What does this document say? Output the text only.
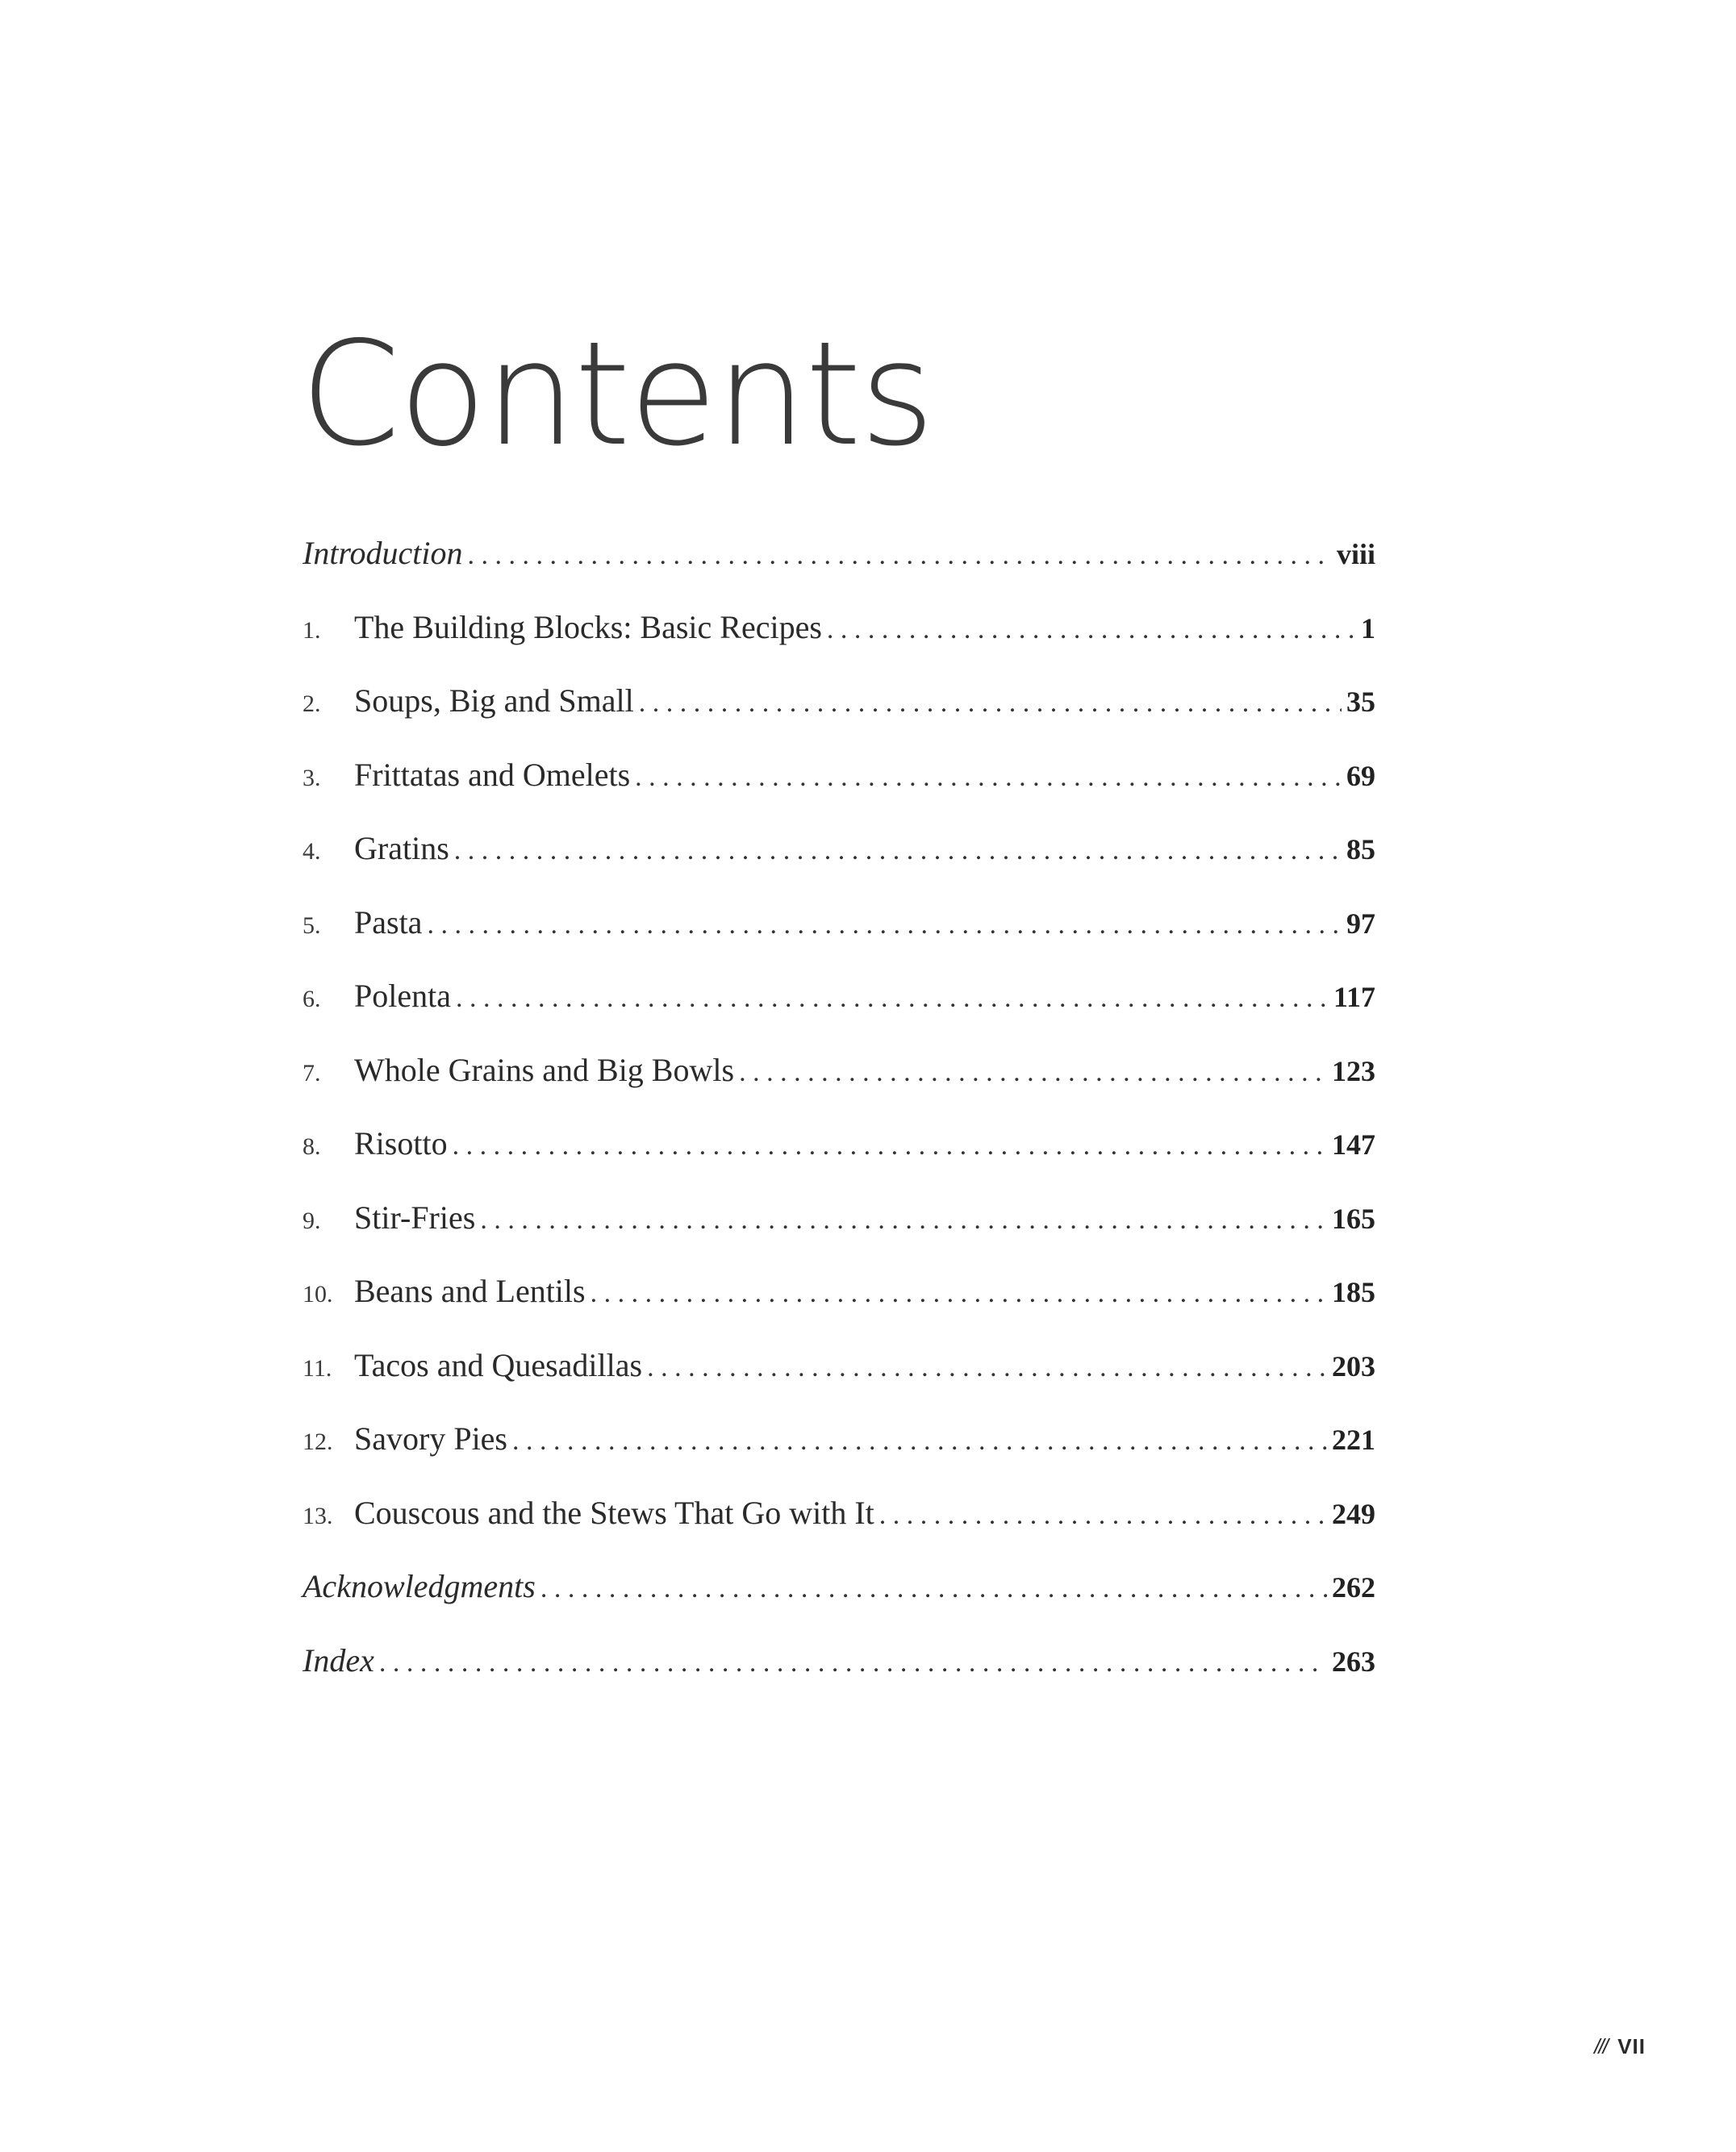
Contents
Introduction . . .	viii
1.	The Building Blocks: Basic Recipes . . .	1
2.	Soups, Big and Small . . .	35
3.	Frittatas and Omelets . . .	69
4.	Gratins . . .	85
5.	Pasta . . .	97
6.	Polenta . . .	117
7.	Whole Grains and Big Bowls . . .	123
8.	Risotto . . .	147
9.	Stir-Fries . . .	165
10. Beans and Lentils . . .	185
11. Tacos and Quesadillas . . .	203
12. Savory Pies . . .	221
13. Couscous and the Stews That Go with It . . .	249
Acknowledgments . . .	262
Index . . .	263
/// VII
